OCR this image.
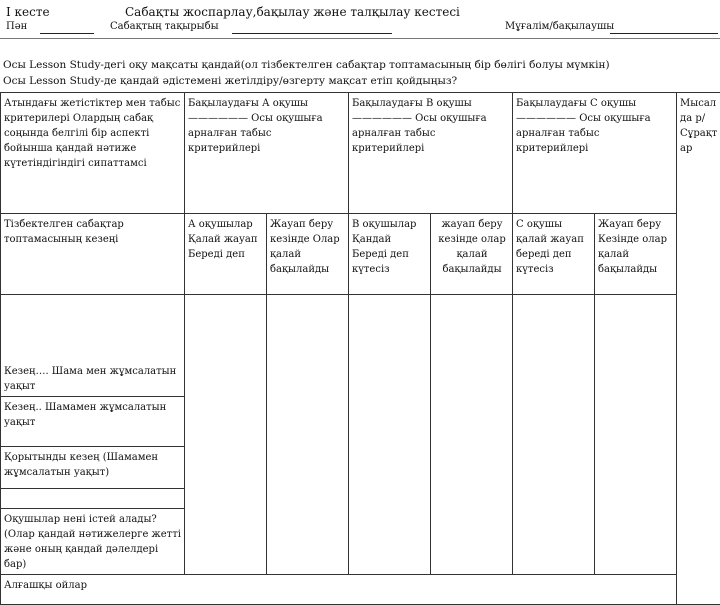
І кесте	Сабақты жоспарлау,бақылау және талқылау кестесі
Пән	Сабақтың тақырыбы	Мұғалім/бақылаушы
Осы Lesson Study-дегі оқу мақсаты қандай(ол тізбектелген сабақтар топтамасының бір бөлігі болуы мүмкін)
Осы Lesson Study-де қандай әдістемені жетілдіру/өзгерту мақсат етіп қойдыңыз?
Атындағы жетістіктер мен табыс критерилері Олардың сабақ соңында белгілі бір аспекті бойынша қандай нәтиже күтетіндігіндігі сипаттамсі	Бақылаудағы А оқушы—————— Осы оқушыға арналған табыс критерийлері		Бақылаудағы В оқушы—————— Осы оқушыға арналған табыс критерийлері		Бақылаудағы С оқушы—————— Осы оқушыға арналған табыс критерийлері		Мысалда р/ Сұрақтар
Тізбектелген сабақтар топтамасының кезеңі	А оқушылар Қалай жауап Береді деп	Жауап беру кезінде Олар қалай бақылайды	В оқушылар Қандай Береді деп күтесіз	жауап беру кезінде олар қалай бақылайды	С оқушы қалай жауап береді деп күтесіз	Жауап беру Кезінде олар қалай бақылайды	
Кезең…. Шама мен жұмсалатын уақыт							
Кезең.. Шамамен жұмсалатын уақыт							
Қорытынды кезең (Шамамен жұмсалатын уақыт)							

Оқушылар нені істей алады? (Олар қандай нәтижелерге жетті және оның қандай дәлелдері бар)							
Алғашқы ойлар							
